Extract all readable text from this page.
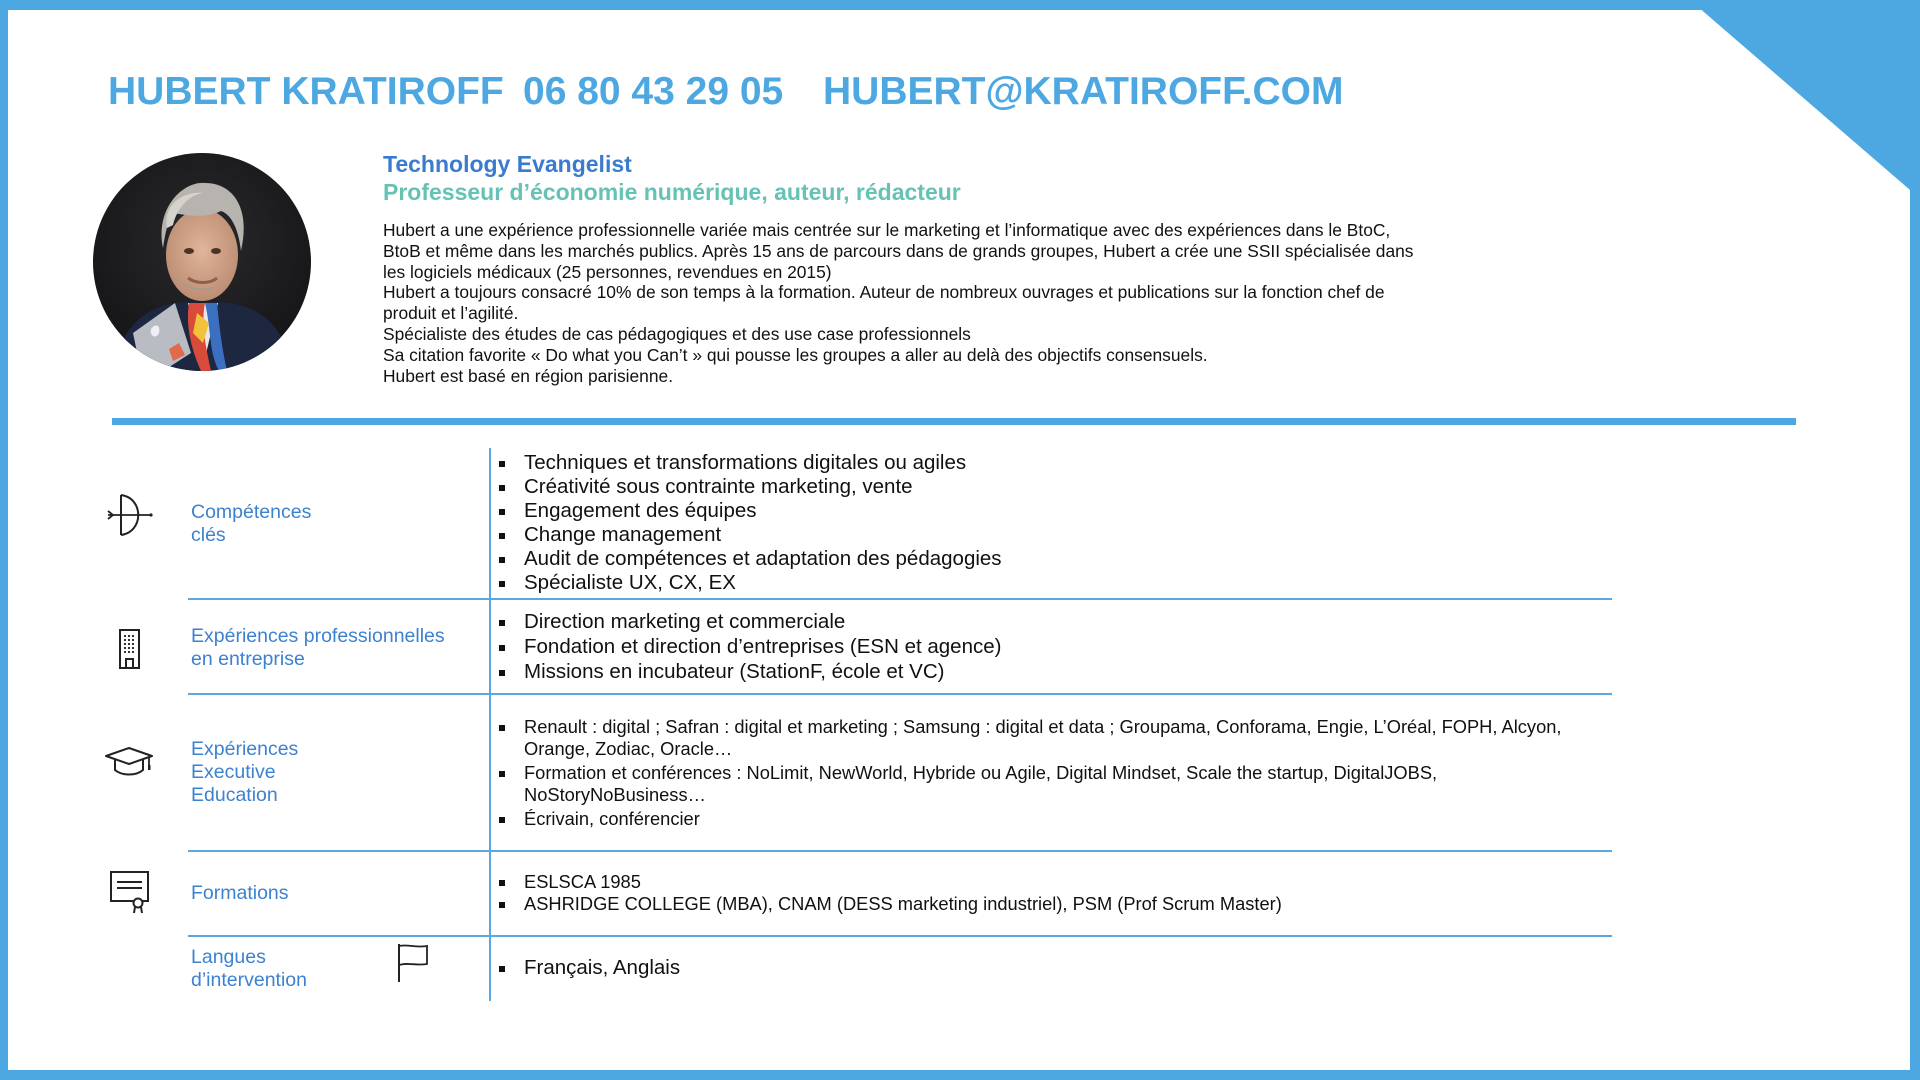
HUBERT KRATIROFF 06 80 43 29 05	HUBERT@KRATIROFF.COM
Technology Evangelist
Professeur d’économie numérique, auteur, rédacteur
Hubert a une expérience professionnelle variée mais centrée sur le marketing et l’informatique avec des expériences dans le BtoC,
BtoB et même dans les marchés publics. Après 15 ans de parcours dans de grands groupes, Hubert a crée une SSII spécialisée dans
les logiciels médicaux (25 personnes, revendues en 2015)
Hubert a toujours consacré 10% de son temps à la formation. Auteur de nombreux ouvrages et publications sur la fonction chef de
produit et l’agilité.
Spécialiste des études de cas pédagogiques et des use case professionnels
Sa citation favorite « Do what you Can’t » qui pousse les groupes a aller au delà des objectifs consensuels.
Hubert est basé en région parisienne.
Compétences
clés
Techniques et transformations digitales ou agiles
Créativité sous contrainte marketing, vente
Engagement des équipes
Change management
Audit de compétences et adaptation des pédagogies
Spécialiste UX, CX, EX
Expériences professionnelles
en entreprise
Direction marketing et commerciale
Fondation et direction d’entreprises (ESN et agence)
Missions en incubateur (StationF, école et VC)
Expériences
Executive
Education
Renault : digital ; Safran : digital et marketing ; Samsung : digital et data ; Groupama, Conforama, Engie, L’Oréal, FOPH, Alcyon,
Orange, Zodiac, Oracle…
Formation et conférences : NoLimit, NewWorld, Hybride ou Agile, Digital Mindset, Scale the startup, DigitalJOBS,
NoStoryNoBusiness…
Écrivain, conférencier
Formations
ESLSCA 1985
ASHRIDGE COLLEGE (MBA), CNAM (DESS marketing industriel), PSM (Prof Scrum Master)
Langues
d’intervention
Français, Anglais
